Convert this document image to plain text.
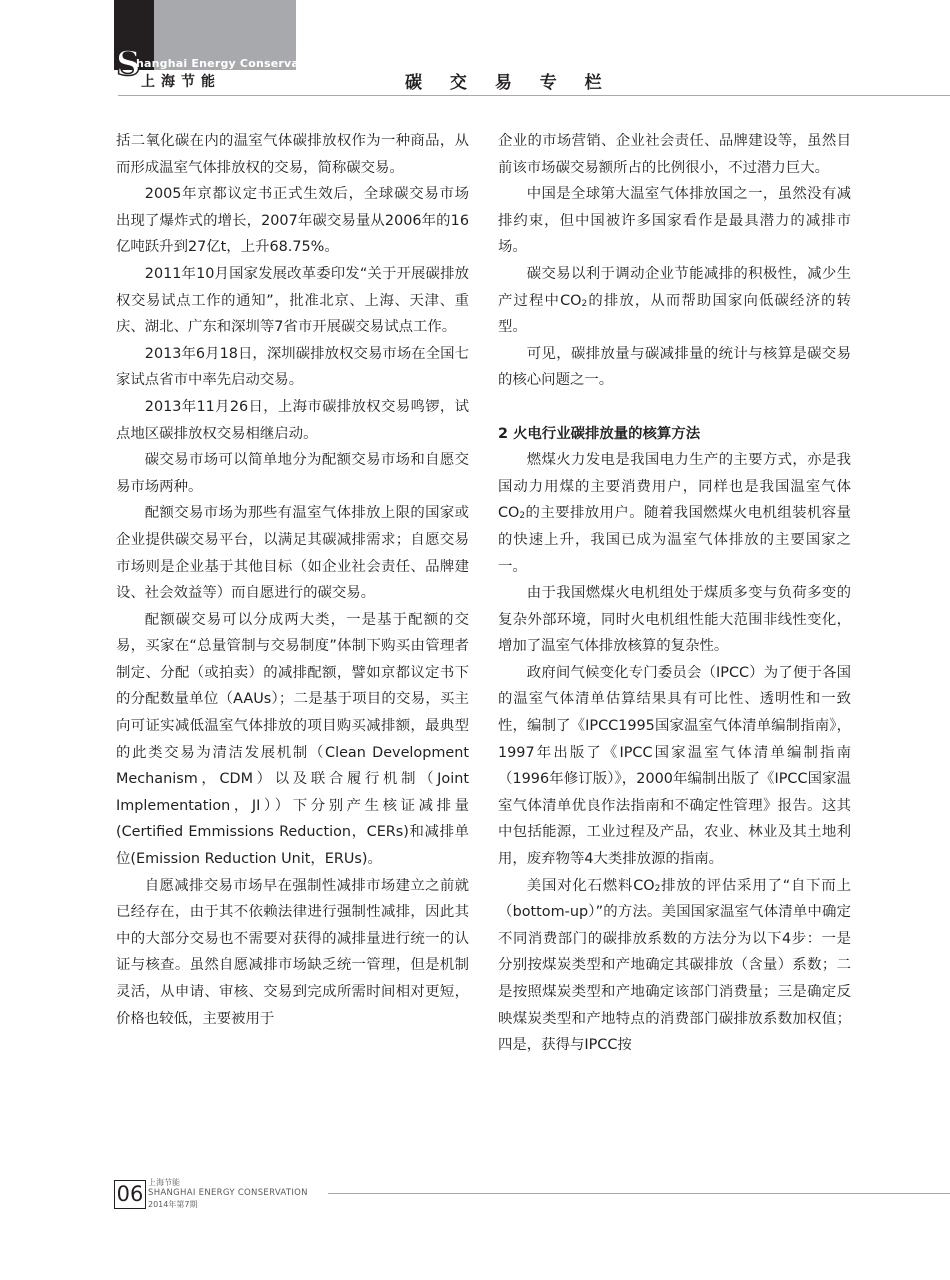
S
hanghai Energy Conservation
上海节能	碳 交 易 专 栏

括二氧化碳在内的温室气体碳排放权作为一种商品，从而形成温室气体排放权的交易，简称碳交易。

2005年京都议定书正式生效后，全球碳交易市场出现了爆炸式的增长，2007年碳交易量从2006年的16亿吨跃升到27亿t，上升68.75%。

2011年10月国家发展改革委印发“关于开展碳排放权交易试点工作的通知”，批准北京、上海、天津、重庆、湖北、广东和深圳等7省市开展碳交易试点工作。

2013年6月18日，深圳碳排放权交易市场在全国七家试点省市中率先启动交易。

2013年11月26日，上海市碳排放权交易鸣锣，试点地区碳排放权交易相继启动。

碳交易市场可以简单地分为配额交易市场和自愿交易市场两种。

配额交易市场为那些有温室气体排放上限的国家或企业提供碳交易平台，以满足其碳减排需求；自愿交易市场则是企业基于其他目标（如企业社会责任、品牌建设、社会效益等）而自愿进行的碳交易。

配额碳交易可以分成两大类，一是基于配额的交易，买家在“总量管制与交易制度”体制下购买由管理者制定、分配（或拍卖）的减排配额，譬如京都议定书下的分配数量单位（AAUs）；二是基于项目的交易，买主向可证实减低温室气体排放的项目购买减排额，最典型的此类交易为清洁发展机制（Clean Development Mechanism，CDM）以及联合履行机制（Joint Implementation，JI））下分别产生核证减排量(Certified Emmissions Reduction，CERs)和减排单位(Emission Reduction Unit，ERUs)。

自愿减排交易市场早在强制性减排市场建立之前就已经存在，由于其不依赖法律进行强制性减排，因此其中的大部分交易也不需要对获得的减排量进行统一的认证与核查。虽然自愿减排市场缺乏统一管理，但是机制灵活，从申请、审核、交易到完成所需时间相对更短，价格也较低，主要被用于

企业的市场营销、企业社会责任、品牌建设等，虽然目前该市场碳交易额所占的比例很小，不过潜力巨大。

中国是全球第大温室气体排放国之一，虽然没有减排约束，但中国被许多国家看作是最具潜力的减排市场。

碳交易以利于调动企业节能减排的积极性，减少生产过程中$CO_2$的排放，从而帮助国家向低碳经济的转型。

可见，碳排放量与碳减排量的统计与核算是碳交易的核心问题之一。

2 火电行业碳排放量的核算方法

燃煤火力发电是我国电力生产的主要方式，亦是我国动力用煤的主要消费用户，同样也是我国温室气体$CO_2$的主要排放用户。随着我国燃煤火电机组装机容量的快速上升，我国已成为温室气体排放的主要国家之一。

由于我国燃煤火电机组处于煤质多变与负荷多变的复杂外部环境，同时火电机组性能大范围非线性变化，增加了温室气体排放核算的复杂性。

政府间气候变化专门委员会（IPCC）为了便于各国的温室气体清单估算结果具有可比性、透明性和一致性，编制了《IPCC1995国家温室气体清单编制指南》，1997年出版了《IPCC国家温室气体清单编制指南（1996年修订版）》，2000年编制出版了《IPCC国家温室气体清单优良作法指南和不确定性管理》报告。这其中包括能源，工业过程及产品，农业、林业及其土地利用，废弃物等4大类排放源的指南。

美国对化石燃料$CO_2$排放的评估采用了“自下而上（bottom-up）”的方法。美国国家温室气体清单中确定不同消费部门的碳排放系数的方法分为以下4步：一是分别按煤炭类型和产地确定其碳排放（含量）系数；二是按照煤炭类型和产地确定该部门消费量；三是确定反映煤炭类型和产地特点的消费部门碳排放系数加权值；四是，获得与IPCC按

06 上海节能
SHANGHAI ENERGY CONSERVATION
2014年第7期
